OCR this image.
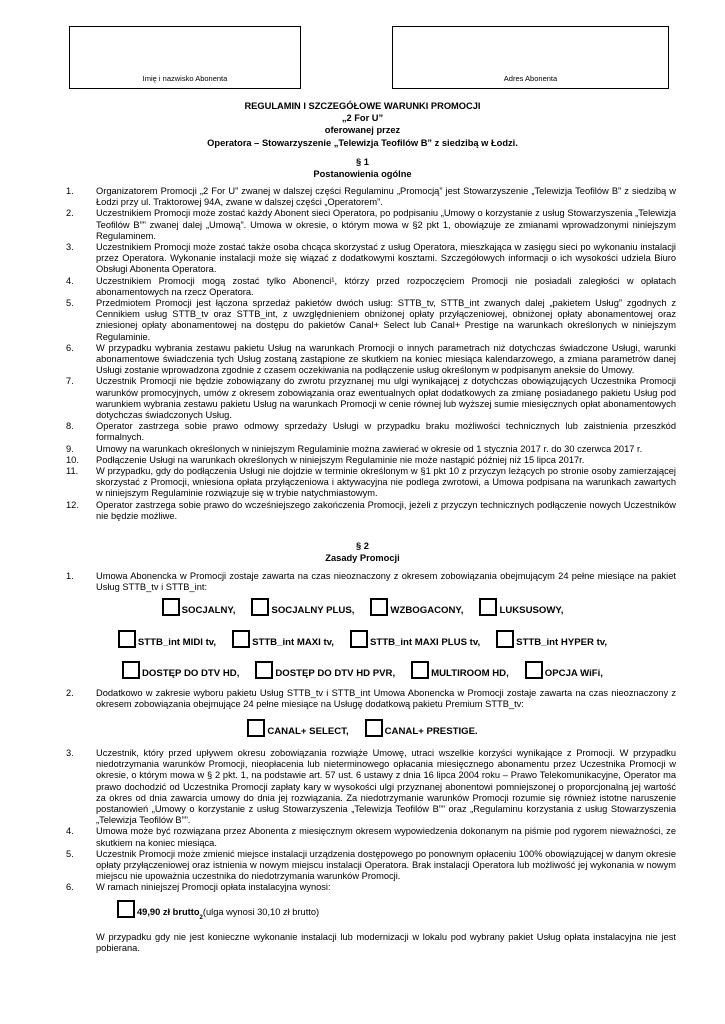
Imię i nazwisko Abonenta	Adres Abonenta
REGULAMIN I SZCZEGÓŁOWE WARUNKI PROMOCJI
„2 For U”
oferowanej przez
Operatora – Stowarzyszenie „Telewizja Teofilów B” z siedzibą w Łodzi.
§ 1
Postanowienia ogólne
1. Organizatorem Promocji „2 For U” zwanej w dalszej części Regulaminu „Promocją” jest Stowarzyszenie „Telewizja Teofilów B” z siedzibą w Łodzi przy ul. Traktorowej 94A, zwane w dalszej części „Operatorem”.
2. Uczestnikiem Promocji może zostać każdy Abonent sieci Operatora, po podpisaniu „Umowy o korzystanie z usług Stowarzyszenia „Telewizja Teofilów B”” zwanej dalej „Umową”. Umowa w okresie, o którym mowa w §2 pkt 1, obowiązuje ze zmianami wprowadzonymi niniejszym Regulaminem.
3. Uczestnikiem Promocji może zostać także osoba chcąca skorzystać z usług Operatora, mieszkająca w zasięgu sieci po wykonaniu instalacji przez Operatora. Wykonanie instalacji może się wiązać z dodatkowymi kosztami. Szczegółowych informacji o ich wysokości udziela Biuro Obsługi Abonenta Operatora.
4. Uczestnikiem Promocji mogą zostać tylko Abonenci¹, którzy przed rozpoczęciem Promocji nie posiadali zaległości w opłatach abonamentowych na rzecz Operatora.
5. Przedmiotem Promocji jest łączona sprzedaż pakietów dwóch usług: STTB_tv, STTB_int zwanych dalej „pakietem Usług” zgodnych z Cennikiem usług STTB_tv oraz STTB_int, z uwzględnieniem obniżonej opłaty przyłączeniowej, obniżonej opłaty abonamentowej oraz zniesionej opłaty abonamentowej na dostępu do pakietów Canal+ Select lub Canal+ Prestige na warunkach określonych w niniejszym Regulaminie.
6. W przypadku wybrania zestawu pakietu Usług na warunkach Promocji o innych parametrach niż dotychczas świadczone Usługi, warunki abonamentowe świadczenia tych Usług zostaną zastąpione ze skutkiem na koniec miesiąca kalendarzowego, a zmiana parametrów danej Usługi zostanie wprowadzona zgodnie z czasem oczekiwania na podłączenie usług określonym w podpisanym aneksie do Umowy.
7. Uczestnik Promocji nie będzie zobowiązany do zwrotu przyznanej mu ulgi wynikającej z dotychczas obowiązujących Uczestnika Promocji warunków promocyjnych, umów z okresem zobowiązania oraz ewentualnych opłat dodatkowych za zmianę posiadanego pakietu Usług pod warunkiem wybrania zestawu pakietu Usług na warunkach Promocji w cenie równej lub wyższej sumie miesięcznych opłat abonamentowych dotychczas świadczonych Usług.
8. Operator zastrzega sobie prawo odmowy sprzedaży Usługi w przypadku braku możliwości technicznych lub zaistnienia przeszkód formalnych.
9. Umowy na warunkach określonych w niniejszym Regulaminie można zawierać w okresie od 1 stycznia 2017 r. do 30 czerwca 2017 r.
10. Podłączenie Usługi na warunkach określonych w niniejszym Regulaminie nie może nastąpić później niż 15 lipca 2017r.
11. W przypadku, gdy do podłączenia Usługi nie dojdzie w terminie określonym w §1 pkt 10 z przyczyn leżących po stronie osoby zamierzającej skorzystać z Promocji, wniesiona opłata przyłączeniowa i aktywacyjna nie podlega zwrotowi, a Umowa podpisana na warunkach zawartych w niniejszym Regulaminie rozwiązuje się w trybie natychmiastowym.
12. Operator zastrzega sobie prawo do wcześniejszego zakończenia Promocji, jeżeli z przyczyn technicznych podłączenie nowych Uczestników nie będzie możliwe.
§ 2
Zasady Promocji
1. Umowa Abonencka w Promocji zostaje zawarta na czas nieoznaczony z okresem zobowiązania obejmującym 24 pełne miesiące na pakiet Usług STTB_tv i STTB_int:
SOCJALNY,	SOCJALNY PLUS,	WZBOGACONY,	LUKSUSOWY,
STTB_int MIDI tv,	STTB_int MAXI tv,	STTB_int MAXI PLUS tv,	STTB_int HYPER tv,
DOSTĘP DO DTV HD,	DOSTĘP DO DTV HD PVR,	MULTIROOM HD,	OPCJA WiFi,
2. Dodatkowo w zakresie wyboru pakietu Usług STTB_tv i STTB_int Umowa Abonencka w Promocji zostaje zawarta na czas nieoznaczony z okresem zobowiązania obejmujące 24 pełne miesiące na Usługę dodatkową pakietu Premium STTB_tv:
CANAL+ SELECT,	CANAL+ PRESTIGE.
3. Uczestnik, który przed upływem okresu zobowiązania rozwiąże Umowę, utraci wszelkie korzyści wynikające z Promocji. W przypadku niedotrzymania warunków Promocji, nieopłacenia lub nieterminowego opłacania miesięcznego abonamentu przez Uczestnika Promocji w okresie, o którym mowa w § 2 pkt. 1, na podstawie art. 57 ust. 6 ustawy z dnia 16 lipca 2004 roku – Prawo Telekomunikacyjne, Operator ma prawo dochodzić od Uczestnika Promocji zapłaty kary w wysokości ulgi przyznanej abonentowi pomniejszonej o proporcjonalną jej wartość za okres od dnia zawarcia umowy do dnia jej rozwiązania. Za niedotrzymanie warunków Promocji rozumie się również istotne naruszenie postanowień „Umowy o korzystanie z usług Stowarzyszenia „Telewizja Teofilów B”” oraz „Regulaminu korzystania z usług Stowarzyszenia „Telewizja Teofilów B””.
4. Umowa może być rozwiązana przez Abonenta z miesięcznym okresem wypowiedzenia dokonanym na piśmie pod rygorem nieważności, ze skutkiem na koniec miesiąca.
5. Uczestnik Promocji może zmienić miejsce instalacji urządzenia dostępowego po ponownym opłaceniu 100% obowiązującej w danym okresie opłaty przyłączeniowej oraz istnienia w nowym miejscu instalacji Operatora. Brak instalacji Operatora lub możliwość jej wykonania w nowym miejscu nie upoważnia uczestnika do niedotrzymania warunków Promocji.
6. W ramach niniejszej Promocji opłata instalacyjna wynosi:
49,90 zł brutto
2
(ulga wynosi 30,10 zł brutto)
W przypadku gdy nie jest konieczne wykonanie instalacji lub modernizacji w lokalu pod wybrany pakiet Usług opłata instalacyjna nie jest pobierana.
